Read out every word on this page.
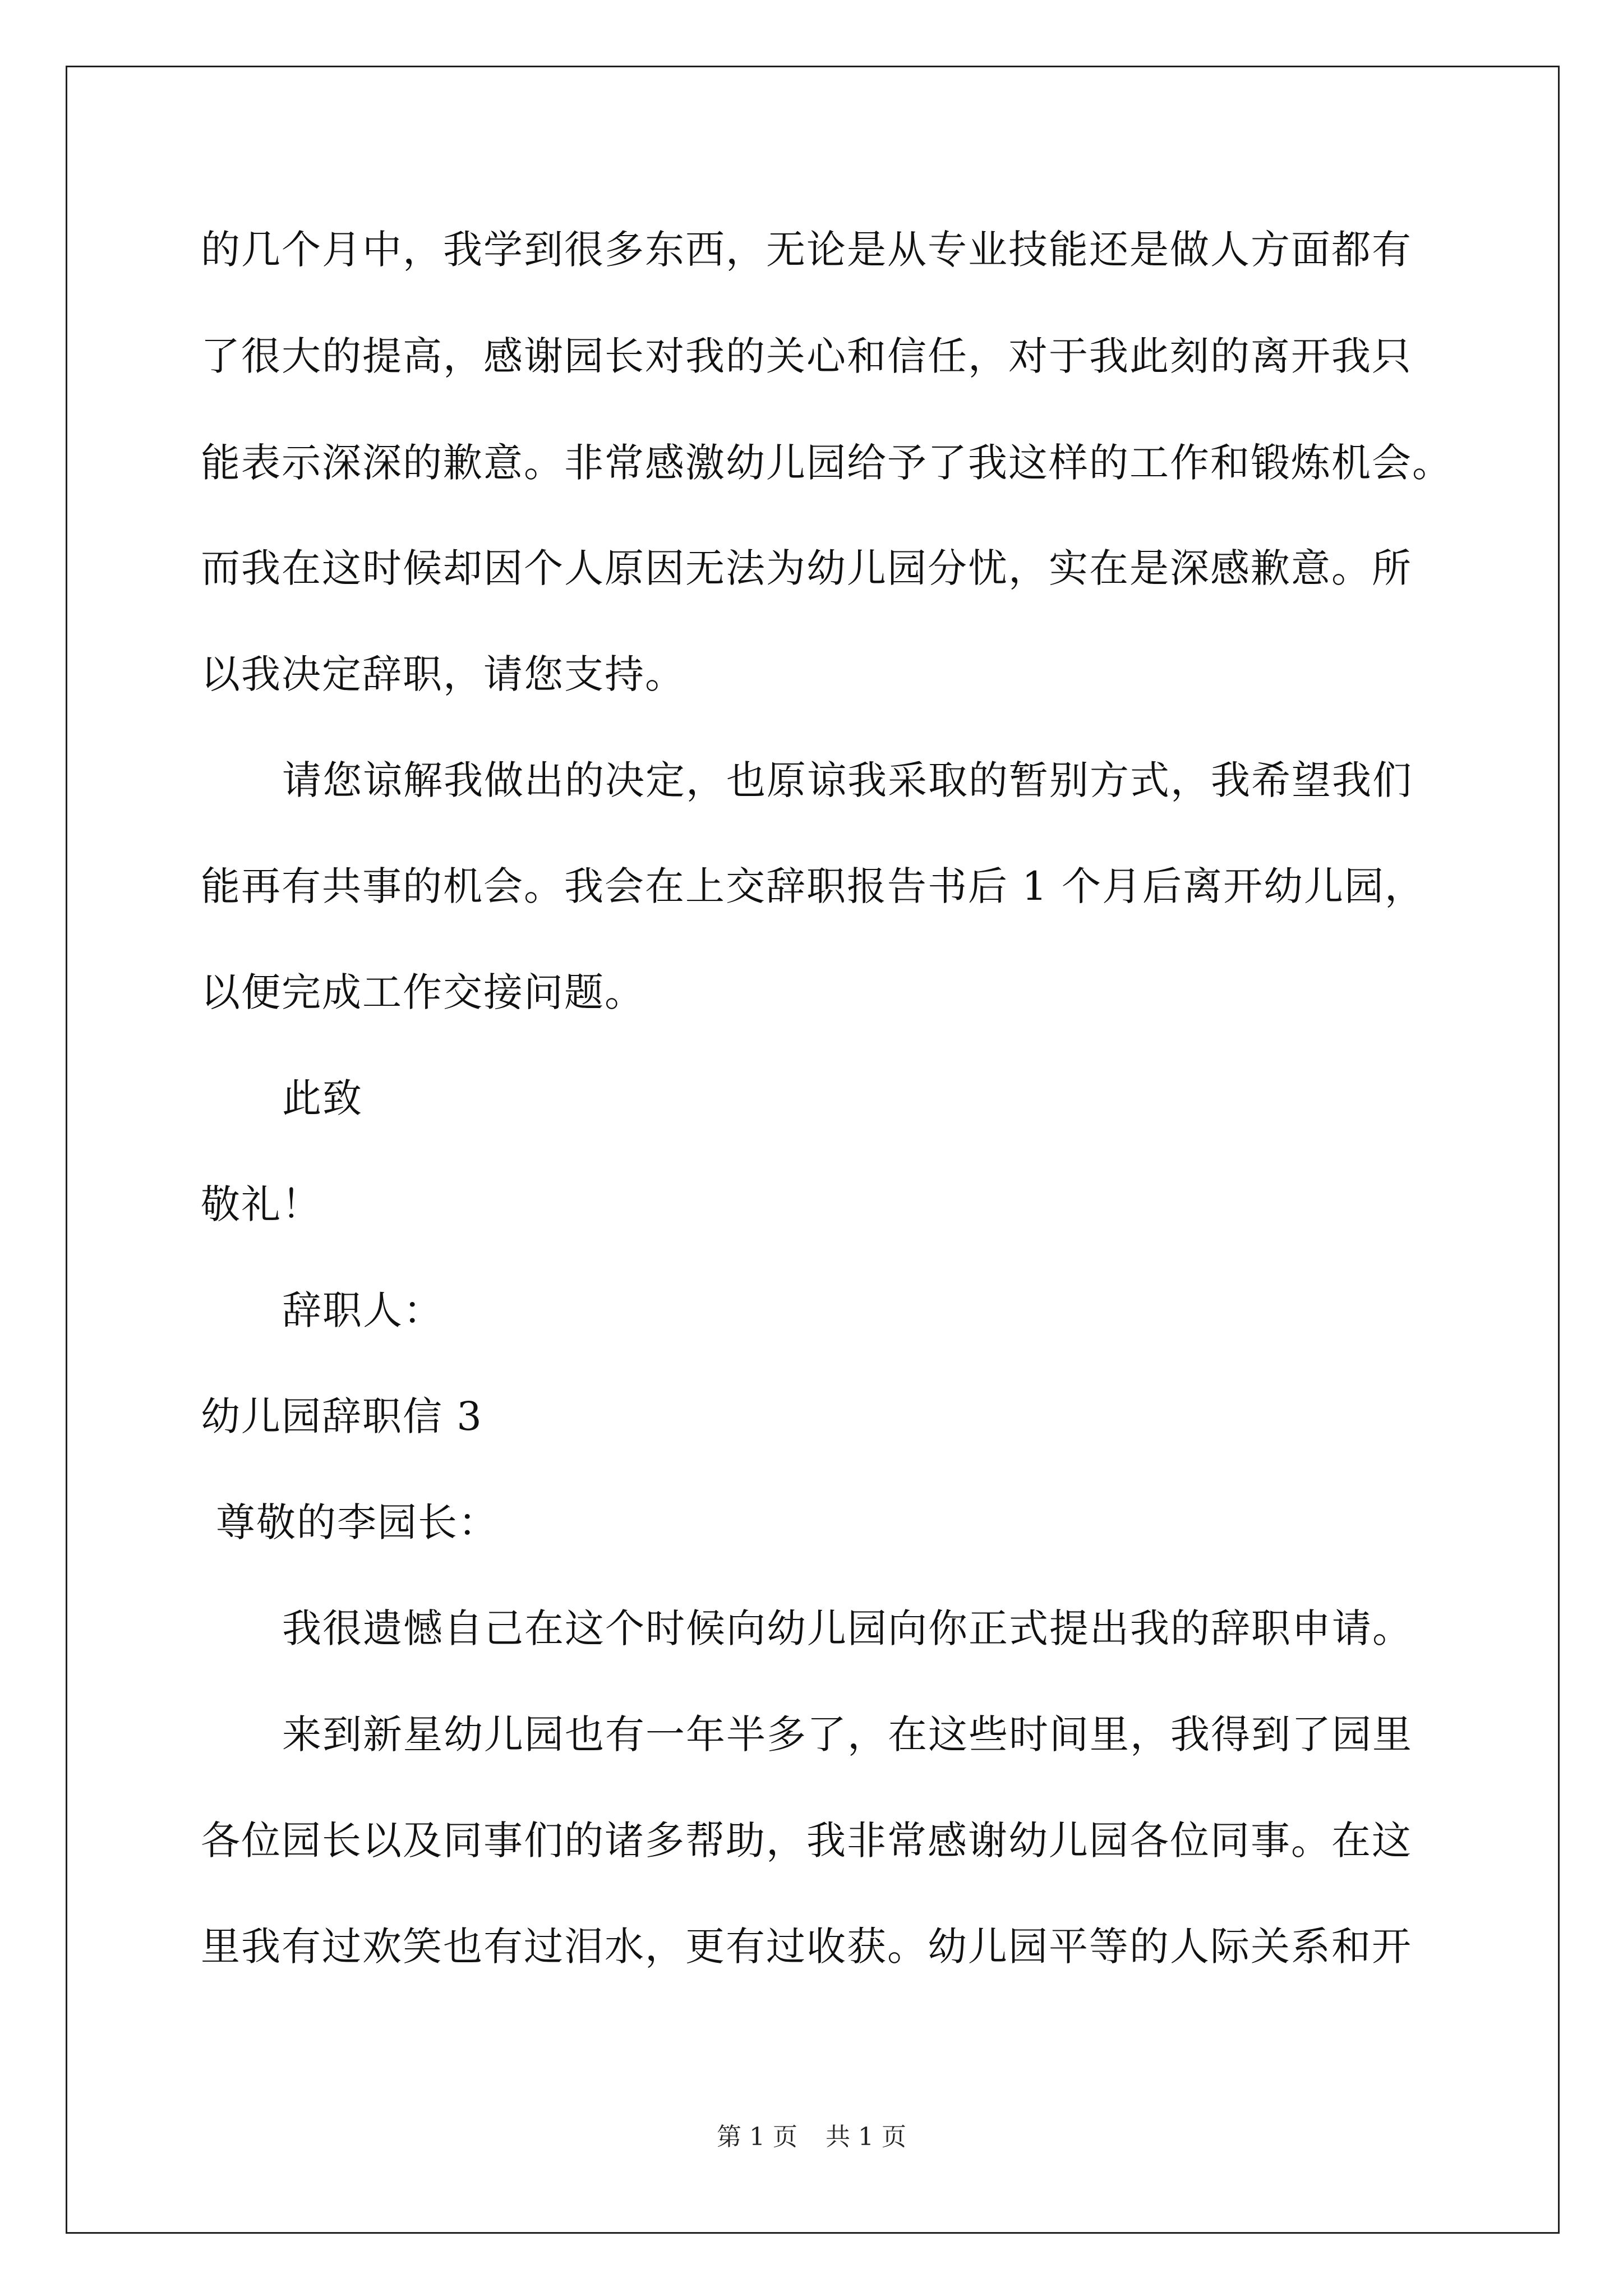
的几个月中，我学到很多东西，无论是从专业技能还是做人方面都有
了很大的提高，感谢园长对我的关心和信任，对于我此刻的离开我只
能表示深深的歉意。非常感激幼儿园给予了我这样的工作和锻炼机会。
而我在这时候却因个人原因无法为幼儿园分忧，实在是深感歉意。所
以我决定辞职，请您支持。
请您谅解我做出的决定，也原谅我采取的暂别方式，我希望我们
能再有共事的机会。我会在上交辞职报告书后 1 个月后离开幼儿园，
以便完成工作交接问题。
此致
敬礼！
辞职人：
幼儿园辞职信 3
尊敬的李园长：
我很遗憾自己在这个时候向幼儿园向你正式提出我的辞职申请。
来到新星幼儿园也有一年半多了，在这些时间里，我得到了园里
各位园长以及同事们的诸多帮助，我非常感谢幼儿园各位同事。在这
里我有过欢笑也有过泪水，更有过收获。幼儿园平等的人际关系和开
第 1 页 共 1 页
